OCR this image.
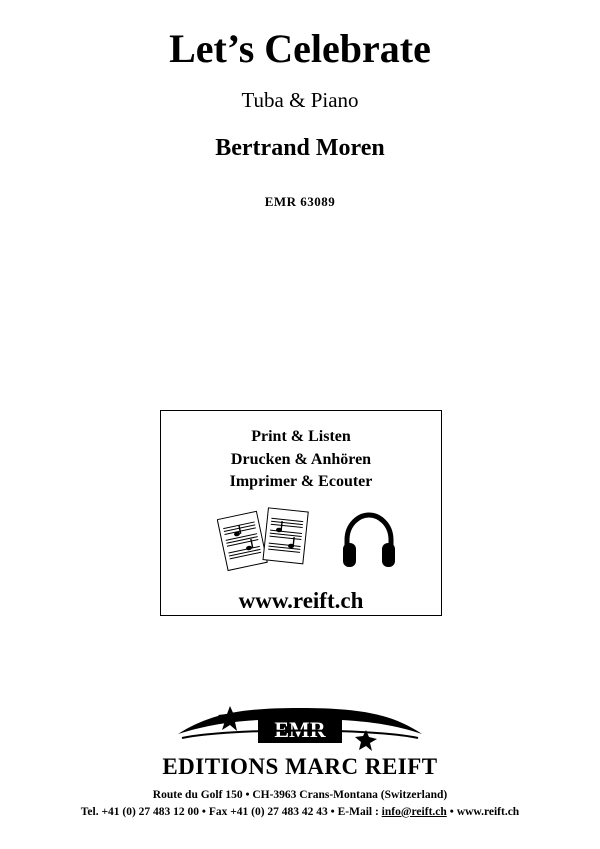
Let’s Celebrate
Tuba & Piano
Bertrand Moren
EMR 63089
Print & Listen
Drucken & Anhören
Imprimer & Ecouter
www.reift.ch
EMR
EDITIONS MARC REIFT
Route du Golf 150 • CH-3963 Crans-Montana (Switzerland)
Tel. +41 (0) 27 483 12 00 • Fax +41 (0) 27 483 42 43 • E-Mail : info@reift.ch • www.reift.ch
